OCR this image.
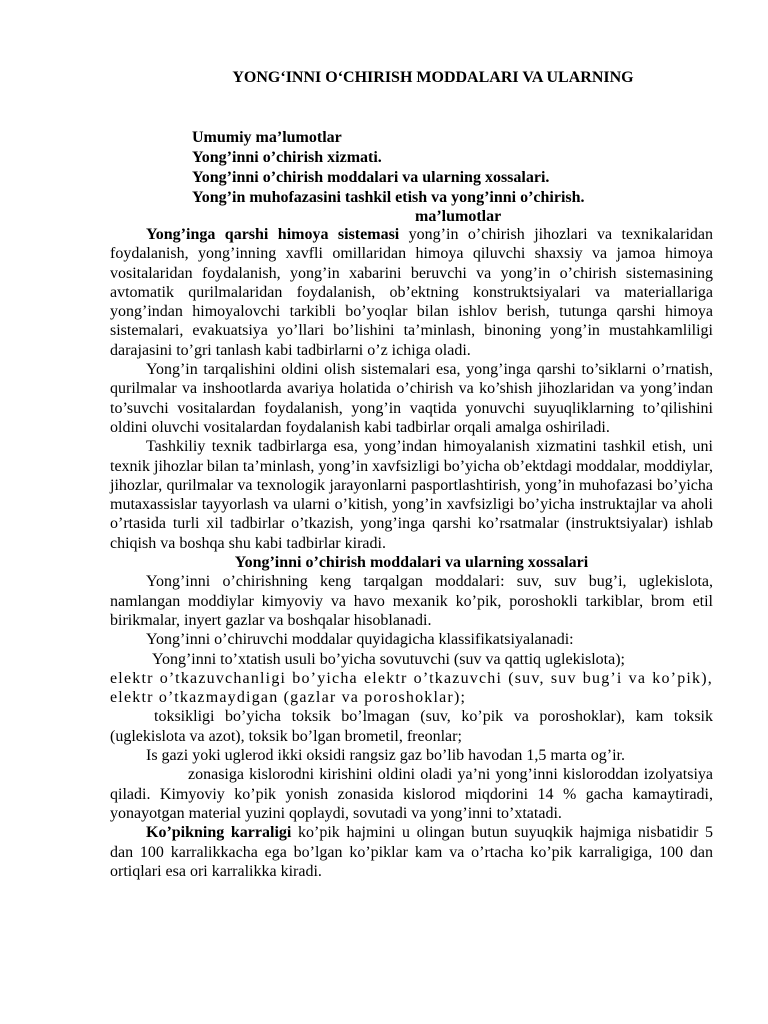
YONG‘INNI O‘CHIRISH MODDALARI VA ULARNING
Umumiy ma’lumotlar
Yong’inni o’chirish xizmati.
Yong’inni o’chirish moddalari va ularning xossalari.
Yong’in muhofazasini tashkil etish va yong’inni o’chirish.
ma’lumotlar

Yong’inga qarshi himoya sistemasi yong’in o’chirish jihozlari va texnikalaridan foydalanish, yong’inning xavfli omillaridan himoya qiluvchi shaxsiy va jamoa himoya vositalaridan foydalanish, yong’in xabarini beruvchi va yong’in o’chirish sistemasining avtomatik qurilmalaridan foydalanish, ob’ektning konstruktsiyalari va materiallariga yong’indan himoyalovchi tarkibli bo’yoqlar bilan ishlov berish, tutunga qarshi himoya sistemalari, evakuatsiya yo’llari bo’lishini ta’minlash, binoning yong’in mustahkamliligi darajasini to’gri tanlash kabi tadbirlarni o’z ichiga oladi.

Yong’in tarqalishini oldini olish sistemalari esa, yong’inga qarshi to’siklarni o’rnatish, qurilmalar va inshootlarda avariya holatida o’chirish va ko’shish jihozlaridan va yong’indan to’suvchi vositalardan foydalanish, yong’in vaqtida yonuvchi suyuqliklarning to’qilishini oldini oluvchi vositalardan foydalanish kabi tadbirlar orqali amalga oshiriladi.

Tashkiliy texnik tadbirlarga esa, yong’indan himoyalanish xizmatini tashkil etish, uni texnik jihozlar bilan ta’minlash, yong’in xavfsizligi bo’yicha ob’ektdagi moddalar, moddiylar, jihozlar, qurilmalar va texnologik jarayonlarni pasportlashtirish, yong’in muhofazasi bo’yicha mutaxassislar tayyorlash va ularni o’kitish, yong’in xavfsizligi bo’yicha instruktajlar va aholi o’rtasida turli xil tadbirlar o’tkazish, yong’inga qarshi ko’rsatmalar (instruktsiyalar) ishlab chiqish va boshqa shu kabi tadbirlar kiradi.

Yong’inni o’chirish moddalari va ularning xossalari

Yong’inni o’chirishning keng tarqalgan moddalari: suv, suv bug’i, uglekislota, namlangan moddiylar kimyoviy va havo mexanik ko’pik, poroshokli tarkiblar, brom etil birikmalar, inyert gazlar va boshqalar hisoblanadi.

Yong’inni o’chiruvchi moddalar quyidagicha klassifikatsiyalanadi:

Yong’inni to’xtatish usuli bo’yicha sovutuvchi (suv va qattiq uglekislota);

elektr o’tkazuvchanligi bo’yicha elektr o’tkazuvchi (suv, suv bug’i va ko’pik), elektr o’tkazmaydigan (gazlar va poroshoklar);

toksikligi bo’yicha toksik bo’lmagan (suv, ko’pik va poroshoklar), kam toksik (uglekislota va azot), toksik bo’lgan brometil, freonlar;

Is gazi yoki uglerod ikki oksidi rangsiz gaz bo’lib havodan 1,5 marta og’ir.

zonasiga kislorodni kirishini oldini oladi ya’ni yong’inni kisloroddan izolyatsiya qiladi. Kimyoviy ko’pik yonish zonasida kislorod miqdorini 14 % gacha kamaytiradi, yonayotgan material yuzini qoplaydi, sovutadi va yong’inni to’xtatadi.

Ko’pikning karraligi ko’pik hajmini u olingan butun suyuqkik hajmiga nisbatidir 5 dan 100 karralikkacha ega bo’lgan ko’piklar kam va o’rtacha ko’pik karraligiga, 100 dan ortiqlari esa ori karralikka kiradi.
